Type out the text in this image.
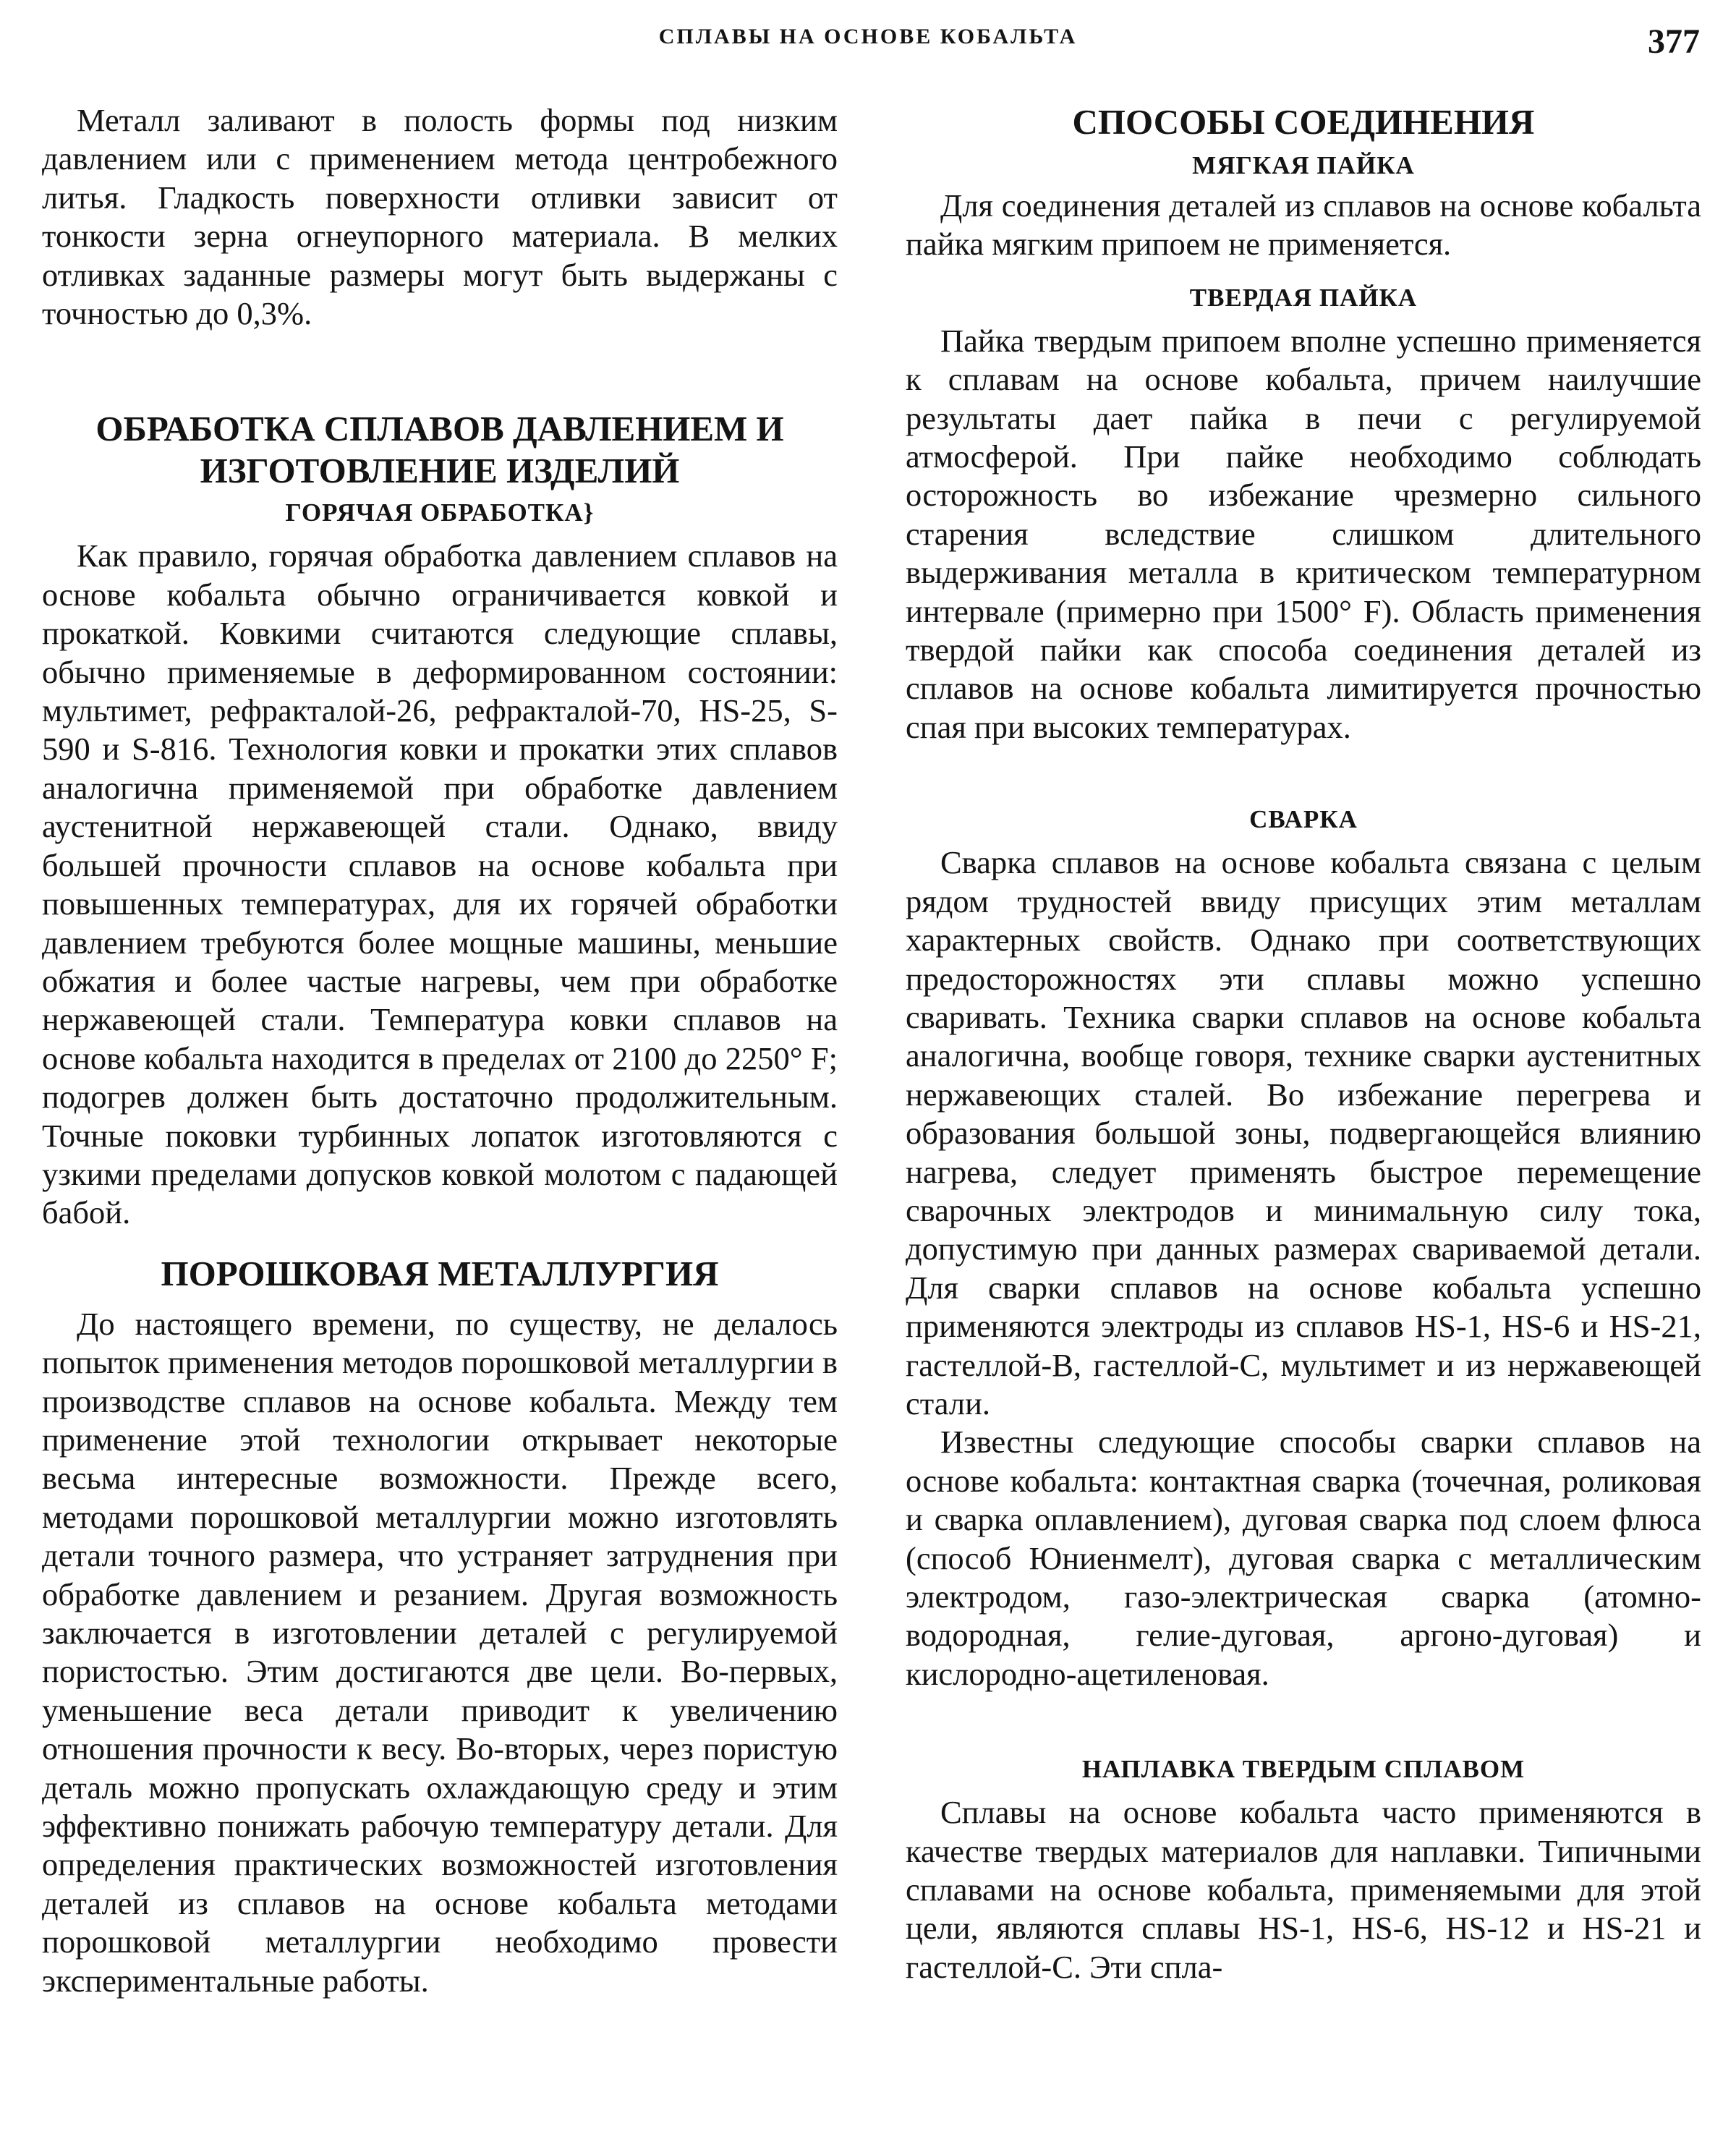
СПЛАВЫ НА ОСНОВЕ КОБАЛЬТА	377

Металл заливают в полость формы под низким давлением или с применением метода центробежного литья. Гладкость поверхности отливки зависит от тонкости зерна огнеупорного материала. В мелких отливках заданные размеры могут быть выдержаны с точностью до 0,3%.

ОБРАБОТКА СПЛАВОВ ДАВЛЕНИЕМ И ИЗГОТОВЛЕНИЕ ИЗДЕЛИЙ
ГОРЯЧАЯ ОБРАБОТКА}

Как правило, горячая обработка давлением сплавов на основе кобальта обычно ограничивается ковкой и прокаткой. Ковкими считаются следующие сплавы, обычно применяемые в деформированном состоянии: мультимет, рефракталой-26, рефракталой-70, HS-25, S-590 и S-816. Технология ковки и прокатки этих сплавов аналогична применяемой при обработке давлением аустенитной нержавеющей стали. Однако, ввиду большей прочности сплавов на основе кобальта при повышенных температурах, для их горячей обработки давлением требуются более мощные машины, меньшие обжатия и более частые нагревы, чем при обработке нержавеющей стали. Температура ковки сплавов на основе кобальта находится в пределах от 2100 до 2250° F; подогрев должен быть достаточно продолжительным. Точные поковки турбинных лопаток изготовляются с узкими пределами допусков ковкой молотом с падающей бабой.

ПОРОШКОВАЯ МЕТАЛЛУРГИЯ

До настоящего времени, по существу, не делалось попыток применения методов порошковой металлургии в производстве сплавов на основе кобальта. Между тем применение этой технологии открывает некоторые весьма интересные возможности. Прежде всего, методами порошковой металлургии можно изготовлять детали точного размера, что устраняет затруднения при обработке давлением и резанием. Другая возможность заключается в изготовлении деталей с регулируемой пористостью. Этим достигаются две цели. Во-первых, уменьшение веса детали приводит к увеличению отношения прочности к весу. Во-вторых, через пористую деталь можно пропускать охлаждающую среду и этим эффективно понижать рабочую температуру детали. Для определения практических возможностей изготовления деталей из сплавов на основе кобальта методами порошковой металлургии необходимо провести экспериментальные работы.

СПОСОБЫ СОЕДИНЕНИЯ
МЯГКАЯ ПАЙКА

Для соединения деталей из сплавов на основе кобальта пайка мягким припоем не применяется.

ТВЕРДАЯ ПАЙКА

Пайка твердым припоем вполне успешно применяется к сплавам на основе кобальта, причем наилучшие результаты дает пайка в печи с регулируемой атмосферой. При пайке необходимо соблюдать осторожность во избежание чрезмерно сильного старения вследствие слишком длительного выдерживания металла в критическом температурном интервале (примерно при 1500° F). Область применения твердой пайки как способа соединения деталей из сплавов на основе кобальта лимитируется прочностью спая при высоких температурах.

СВАРКА

Сварка сплавов на основе кобальта связана с целым рядом трудностей ввиду присущих этим металлам характерных свойств. Однако при соответствующих предосторожностях эти сплавы можно успешно сваривать. Техника сварки сплавов на основе кобальта аналогична, вообще говоря, технике сварки аустенитных нержавеющих сталей. Во избежание перегрева и образования большой зоны, подвергающейся влиянию нагрева, следует применять быстрое перемещение сварочных электродов и минимальную силу тока, допустимую при данных размерах свариваемой детали. Для сварки сплавов на основе кобальта успешно применяются электроды из сплавов HS-1, HS-6 и HS-21, гастеллой-В, гастеллой-С, мультимет и из нержавеющей стали.

Известны следующие способы сварки сплавов на основе кобальта: контактная сварка (точечная, роликовая и сварка оплавлением), дуговая сварка под слоем флюса (способ Юниенмелт), дуговая сварка с металлическим электродом, газо-электрическая сварка (атомно-водородная, гелие-дуговая, аргоно-дуговая) и кислородно-ацетиленовая.

НАПЛАВКА ТВЕРДЫМ СПЛАВОМ

Сплавы на основе кобальта часто применяются в качестве твердых материалов для наплавки. Типичными сплавами на основе кобальта, применяемыми для этой цели, являются сплавы HS-1, HS-6, HS-12 и HS-21 и гастеллой-С. Эти спла-
